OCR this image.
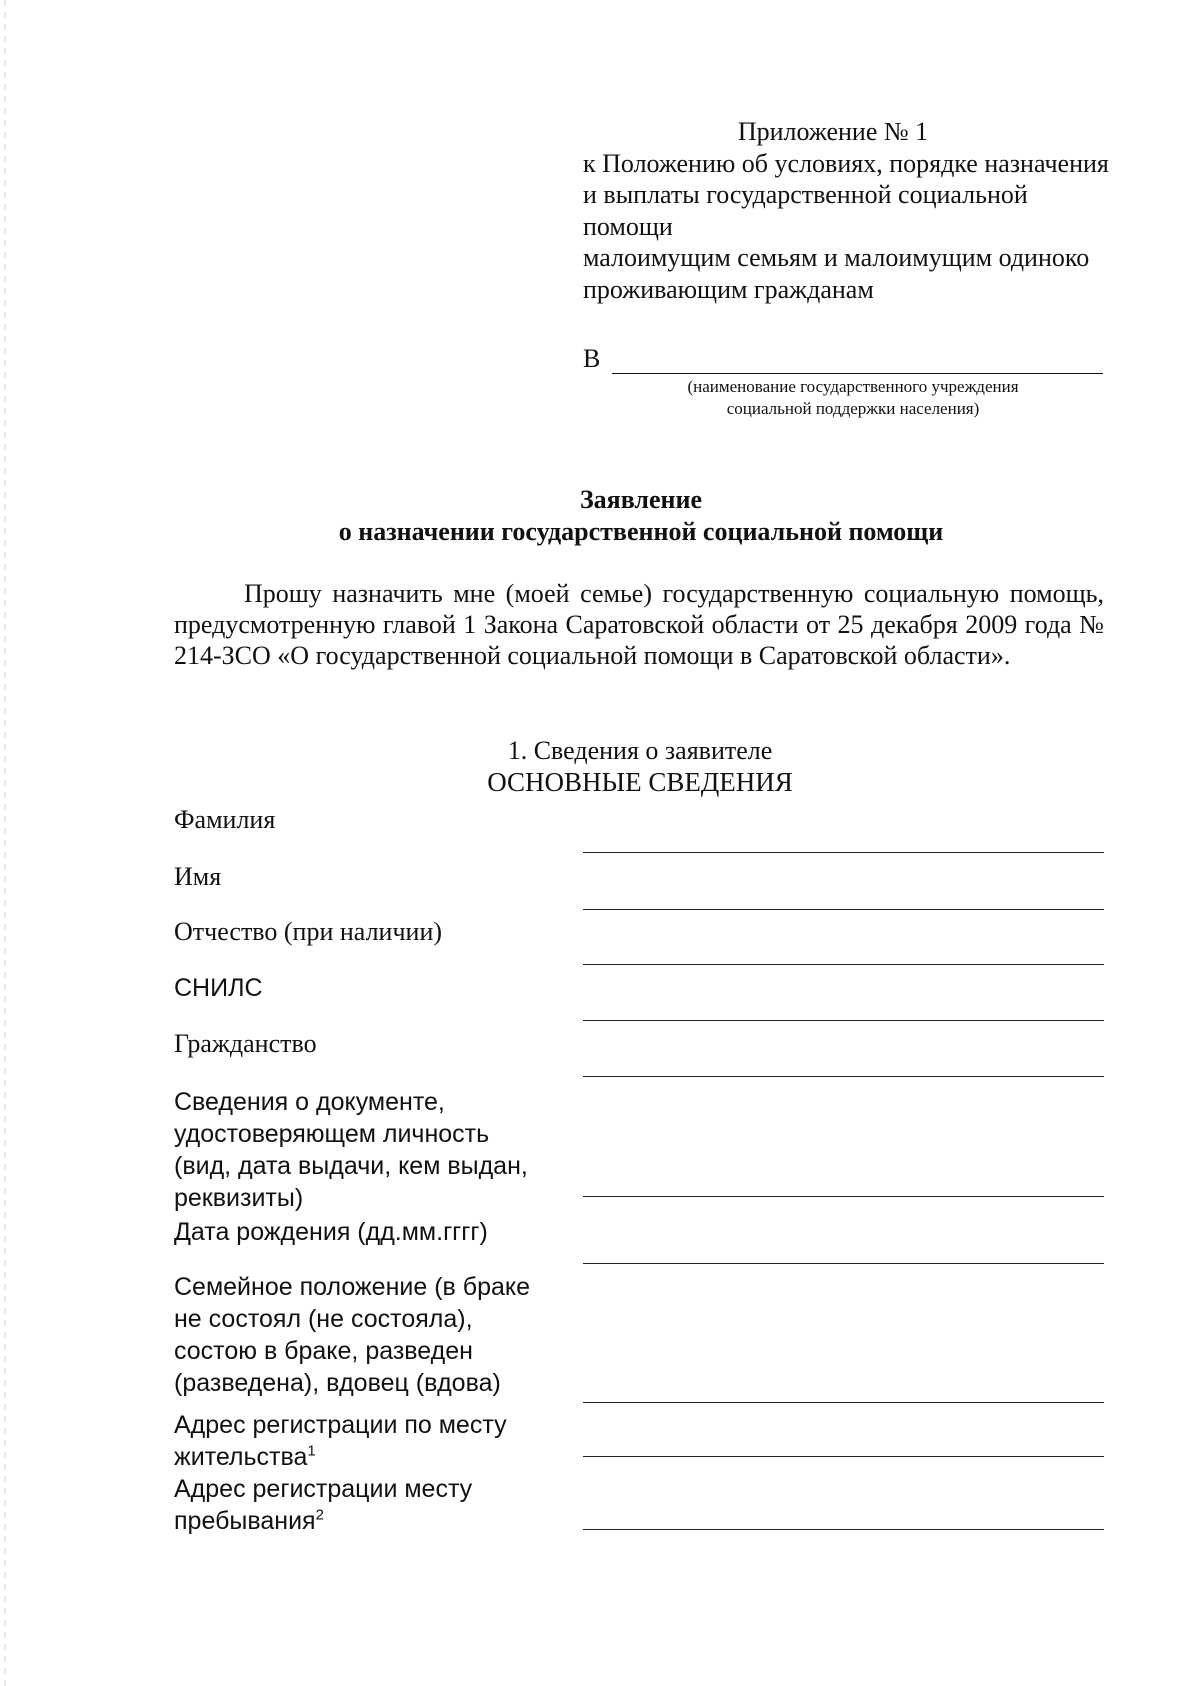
Приложение № 1
к Положению об условиях, порядке назначения
и выплаты государственной социальной помощи
малоимущим семьям и малоимущим одиноко
проживающим гражданам
В
(наименование государственного учреждения
социальной поддержки населения)
Заявление
о назначении государственной социальной помощи
Прошу назначить мне (моей семье) государственную социальную помощь, предусмотренную главой 1 Закона Саратовской области от 25 декабря 2009 года № 214-ЗСО «О государственной социальной помощи в Саратовской области».
1. Сведения о заявителе
ОСНОВНЫЕ СВЕДЕНИЯ
Фамилия
Имя
Отчество (при наличии)
СНИЛС
Гражданство
Сведения о документе,
удостоверяющем личность
(вид, дата выдачи, кем выдан,
реквизиты)
Дата рождения (дд.мм.гггг)
Семейное положение (в браке
не состоял (не состояла),
состою в браке, разведен
(разведена), вдовец (вдова)
Адрес регистрации по месту
жительства$^1$
Адрес регистрации месту
пребывания$^2$
